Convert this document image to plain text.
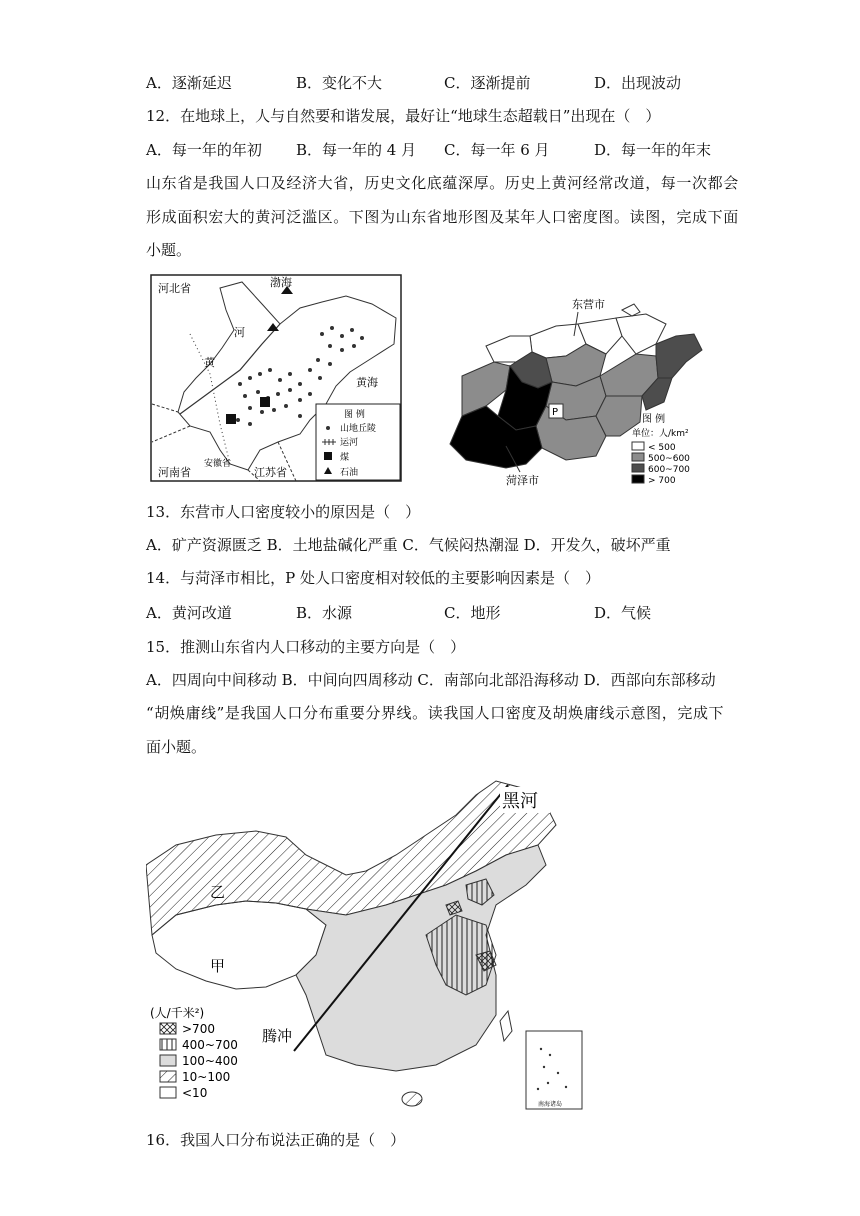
A．逐渐延迟	B．变化不大	C．逐渐提前	D．出现波动
12．在地球上，人与自然要和谐发展，最好让“地球生态超载日”出现在（　）
A．每一年的年初 B．每一年的 4 月 C．每一年 6 月	D．每一年的年末
山东省是我国人口及经济大省，历史文化底蕴深厚。历史上黄河经常改道，每一次都会
形成面积宏大的黄河泛滥区。下图为山东省地形图及某年人口密度图。读图，完成下面
小题。
河北省	渤海
河
黄
黄海
河南省
安徽省
江苏省
图 例
山地丘陵
运河
煤
石油
P
东营市
菏泽市
图 例
单位：人/km²
< 500
500~600
600~700
> 700
13．东营市人口密度较小的原因是（　）
A．矿产资源匮乏 B．土地盐碱化严重 C．气候闷热潮湿 D．开发久，破坏严重
14．与菏泽市相比，P 处人口密度相对较低的主要影响因素是（　）
A．黄河改道	B．水源	C．地形	D．气候
15．推测山东省内人口移动的主要方向是（　）
A．四周向中间移动 B．中间向四周移动 C．南部向北部沿海移动 D．西部向东部移动
“胡焕庸线”是我国人口分布重要分界线。读我国人口密度及胡焕庸线示意图，完成下
面小题。
黑河
腾冲
甲
乙
南海诸岛
(人/千米²)
>700
400~700
100~400
10~100
<10
16．我国人口分布说法正确的是（　）
